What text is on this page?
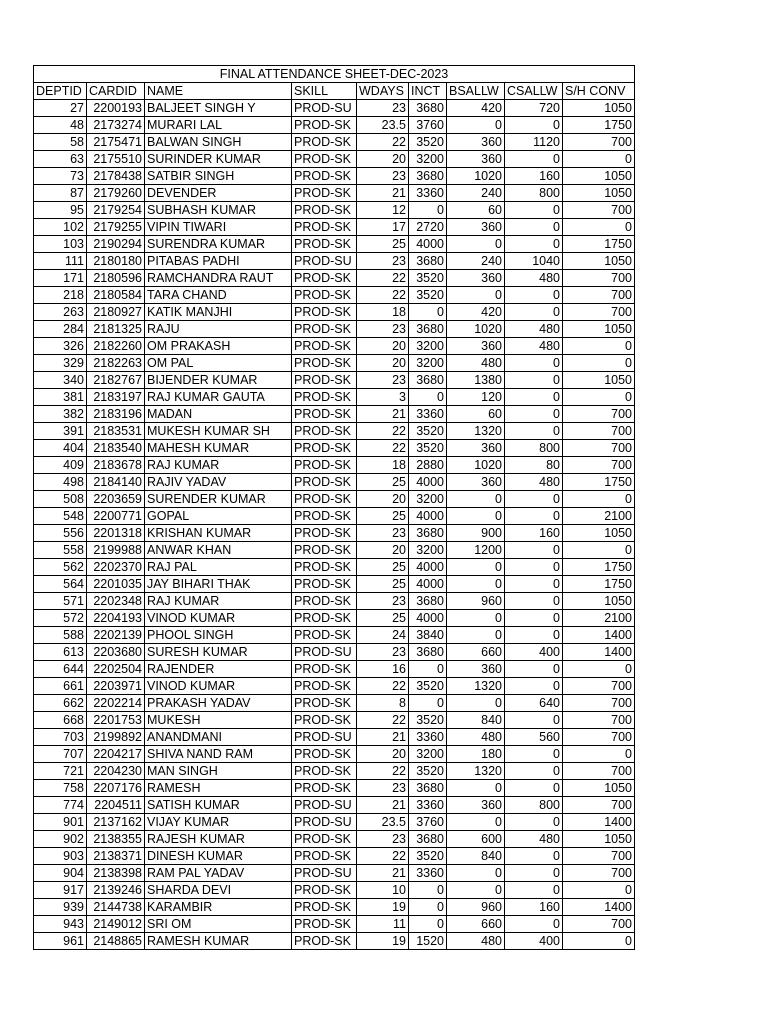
FINAL ATTENDANCE SHEET-DEC-2023								
DEPTID	CARDID	NAME	SKILL	WDAYS	INCT	BSALLW	CSALLW	S/H CONV
27	2200193	BALJEET SINGH Y	PROD-SU	23	3680	420	720	1050
48	2173274	MURARI LAL	PROD-SK	23.5	3760	0	0	1750
58	2175471	BALWAN SINGH	PROD-SK	22	3520	360	1120	700
63	2175510	SURINDER KUMAR	PROD-SK	20	3200	360	0	0
73	2178438	SATBIR SINGH	PROD-SK	23	3680	1020	160	1050
87	2179260	DEVENDER	PROD-SK	21	3360	240	800	1050
95	2179254	SUBHASH KUMAR	PROD-SK	12	0	60	0	700
102	2179255	VIPIN TIWARI	PROD-SK	17	2720	360	0	0
103	2190294	SURENDRA KUMAR	PROD-SK	25	4000	0	0	1750
111	2180180	PITABAS PADHI	PROD-SU	23	3680	240	1040	1050
171	2180596	RAMCHANDRA RAUT	PROD-SK	22	3520	360	480	700
218	2180584	TARA CHAND	PROD-SK	22	3520	0	0	700
263	2180927	KATIK MANJHI	PROD-SK	18	0	420	0	700
284	2181325	RAJU	PROD-SK	23	3680	1020	480	1050
326	2182260	OM PRAKASH	PROD-SK	20	3200	360	480	0
329	2182263	OM PAL	PROD-SK	20	3200	480	0	0
340	2182767	BIJENDER KUMAR	PROD-SK	23	3680	1380	0	1050
381	2183197	RAJ KUMAR GAUTA	PROD-SK	3	0	120	0	0
382	2183196	MADAN	PROD-SK	21	3360	60	0	700
391	2183531	MUKESH KUMAR SH	PROD-SK	22	3520	1320	0	700
404	2183540	MAHESH KUMAR	PROD-SK	22	3520	360	800	700
409	2183678	RAJ KUMAR	PROD-SK	18	2880	1020	80	700
498	2184140	RAJIV YADAV	PROD-SK	25	4000	360	480	1750
508	2203659	SURENDER KUMAR	PROD-SK	20	3200	0	0	0
548	2200771	GOPAL	PROD-SK	25	4000	0	0	2100
556	2201318	KRISHAN KUMAR	PROD-SK	23	3680	900	160	1050
558	2199988	ANWAR KHAN	PROD-SK	20	3200	1200	0	0
562	2202370	RAJ PAL	PROD-SK	25	4000	0	0	1750
564	2201035	JAY BIHARI THAK	PROD-SK	25	4000	0	0	1750
571	2202348	RAJ KUMAR	PROD-SK	23	3680	960	0	1050
572	2204193	VINOD KUMAR	PROD-SK	25	4000	0	0	2100
588	2202139	PHOOL SINGH	PROD-SK	24	3840	0	0	1400
613	2203680	SURESH KUMAR	PROD-SU	23	3680	660	400	1400
644	2202504	RAJENDER	PROD-SK	16	0	360	0	0
661	2203971	VINOD KUMAR	PROD-SK	22	3520	1320	0	700
662	2202214	PRAKASH YADAV	PROD-SK	8	0	0	640	700
668	2201753	MUKESH	PROD-SK	22	3520	840	0	700
703	2199892	ANANDMANI	PROD-SU	21	3360	480	560	700
707	2204217	SHIVA NAND RAM	PROD-SK	20	3200	180	0	0
721	2204230	MAN SINGH	PROD-SK	22	3520	1320	0	700
758	2207176	RAMESH	PROD-SK	23	3680	0	0	1050
774	2204511	SATISH KUMAR	PROD-SU	21	3360	360	800	700
901	2137162	VIJAY KUMAR	PROD-SU	23.5	3760	0	0	1400
902	2138355	RAJESH KUMAR	PROD-SK	23	3680	600	480	1050
903	2138371	DINESH KUMAR	PROD-SK	22	3520	840	0	700
904	2138398	RAM PAL YADAV	PROD-SU	21	3360	0	0	700
917	2139246	SHARDA DEVI	PROD-SK	10	0	0	0	0
939	2144738	KARAMBIR	PROD-SK	19	0	960	160	1400
943	2149012	SRI OM	PROD-SK	11	0	660	0	700
961	2148865	RAMESH KUMAR	PROD-SK	19	1520	480	400	0
